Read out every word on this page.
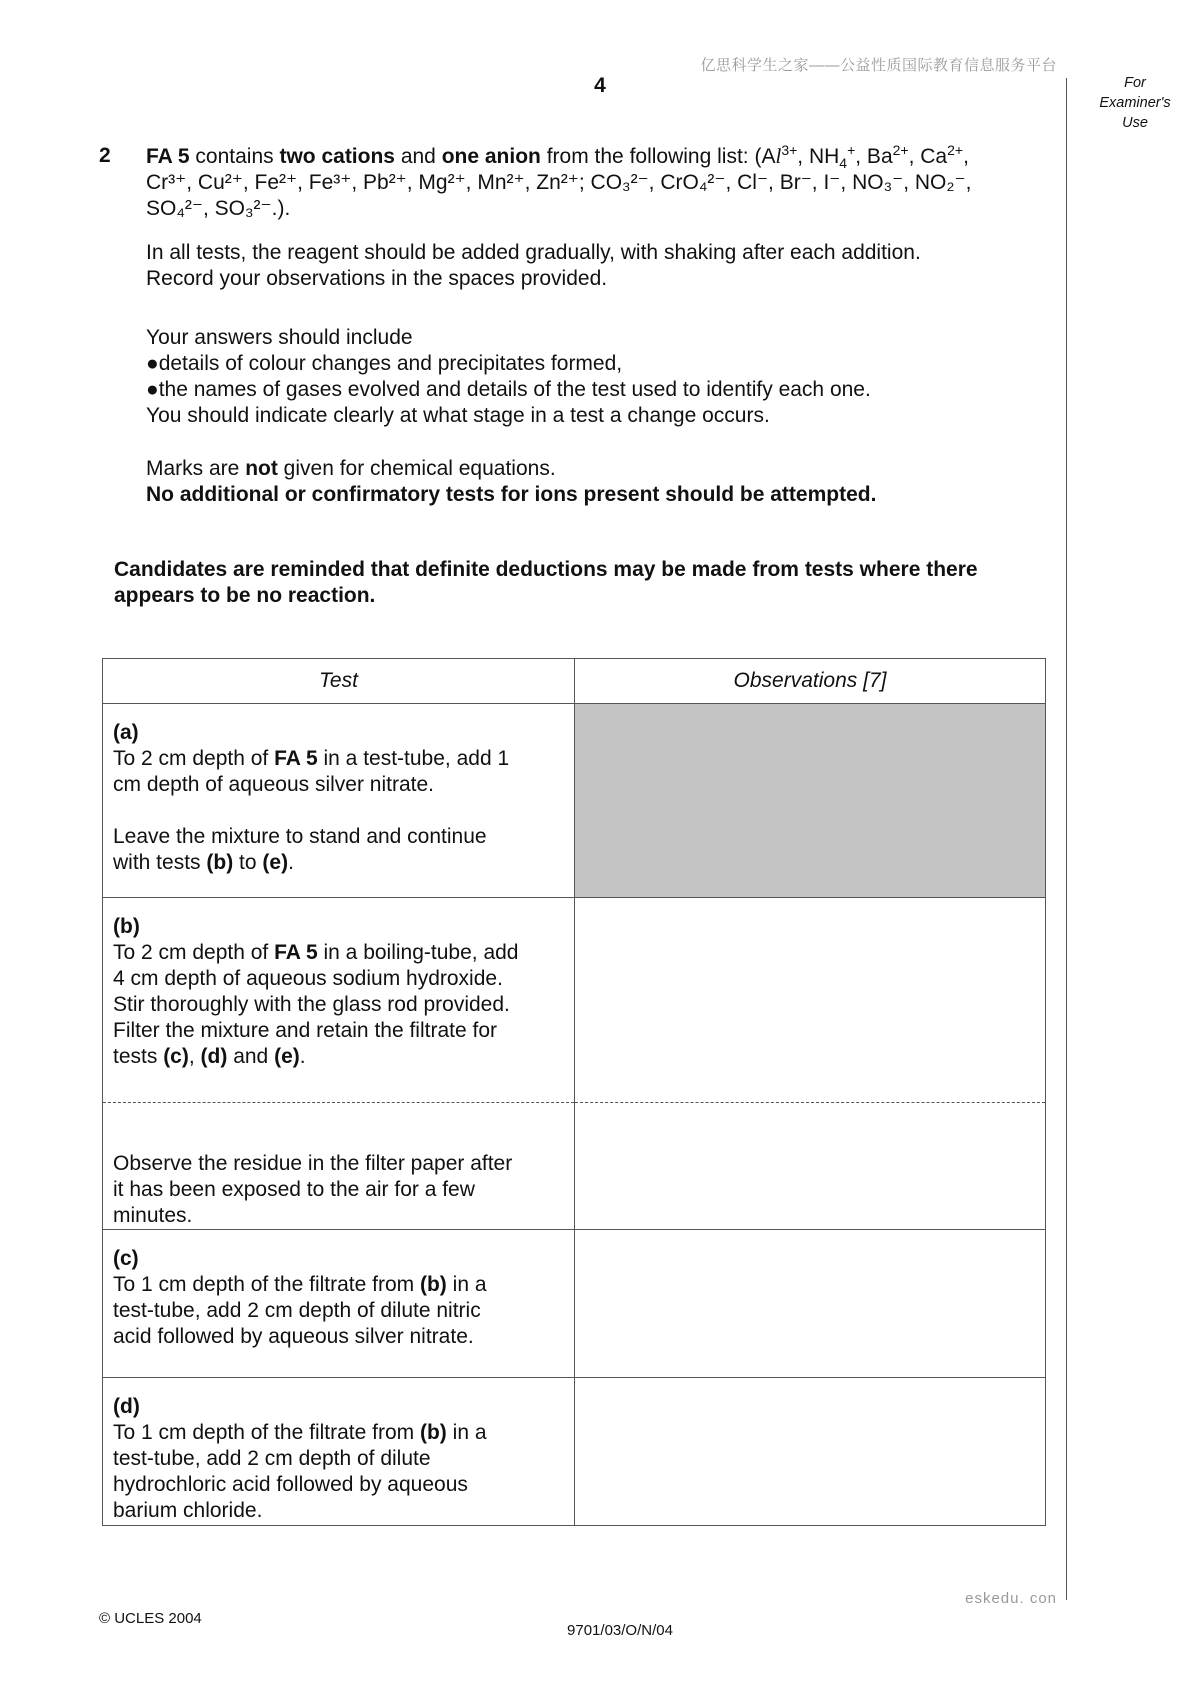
亿思科学生之家——公益性质国际教育信息服务平台
4	For
Examiner's
Use
2 FA 5 contains two cations and one anion from the following list: ($Al^{3+}$, $NH_4^+$, $Ba^{2+}$, $Ca^{2+}$,
Cr³⁺, Cu²⁺, Fe²⁺, Fe³⁺, Pb²⁺, Mg²⁺, Mn²⁺, Zn²⁺; CO₃²⁻, CrO₄²⁻, Cl⁻, Br⁻, I⁻, NO₃⁻, NO₂⁻,
SO₄²⁻, SO₃²⁻.).
In all tests, the reagent should be added gradually, with shaking after each addition.
Record your observations in the spaces provided.
Your answers should include
●details of colour changes and precipitates formed,
●the names of gases evolved and details of the test used to identify each one.
You should indicate clearly at what stage in a test a change occurs.
Marks are not given for chemical equations.
No additional or confirmatory tests for ions present should be attempted.
Candidates are reminded that definite deductions may be made from tests where there appears to be no reaction.
Test	Observations [7]
(a)To 2 cm depth of FA 5 in a test-tube, add 1 cm depth of aqueous silver nitrate.

Leave the mixture to stand and continue with tests (b) to (e).	
(b)To 2 cm depth of FA 5 in a boiling-tube, add 4 cm depth of aqueous sodium hydroxide. Stir thoroughly with the glass rod provided.
Filter the mixture and retain the filtrate for tests (c), (d) and (e).	
Observe the residue in the filter paper after it has been exposed to the air for a few minutes.	
(c)To 1 cm depth of the filtrate from (b) in a test-tube, add 2 cm depth of dilute nitric acid followed by aqueous silver nitrate.	
(d)To 1 cm depth of the filtrate from (b) in a test-tube, add 2 cm depth of dilute hydrochloric acid followed by aqueous barium chloride.	
eskedu. con
© UCLES 2004
9701/03/O/N/04
